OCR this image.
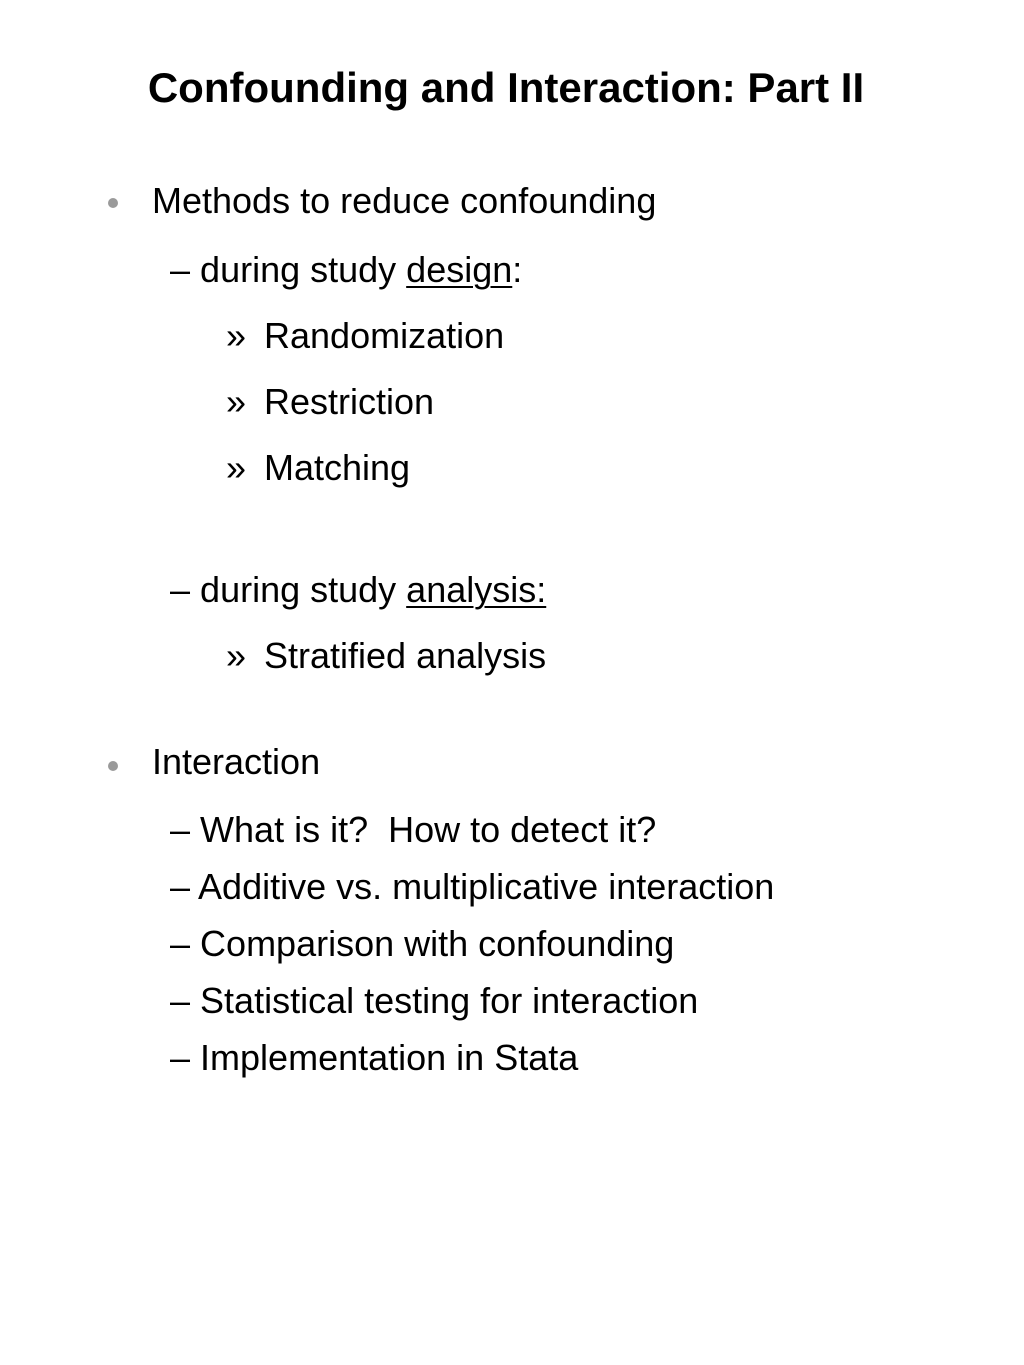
Confounding and Interaction: Part II
Methods to reduce confounding
– during study design:
» Randomization
» Restriction
» Matching
– during study analysis:
» Stratified analysis
Interaction
– What is it?  How to detect it?
– Additive vs. multiplicative interaction
– Comparison with confounding
– Statistical testing for interaction
– Implementation in Stata
